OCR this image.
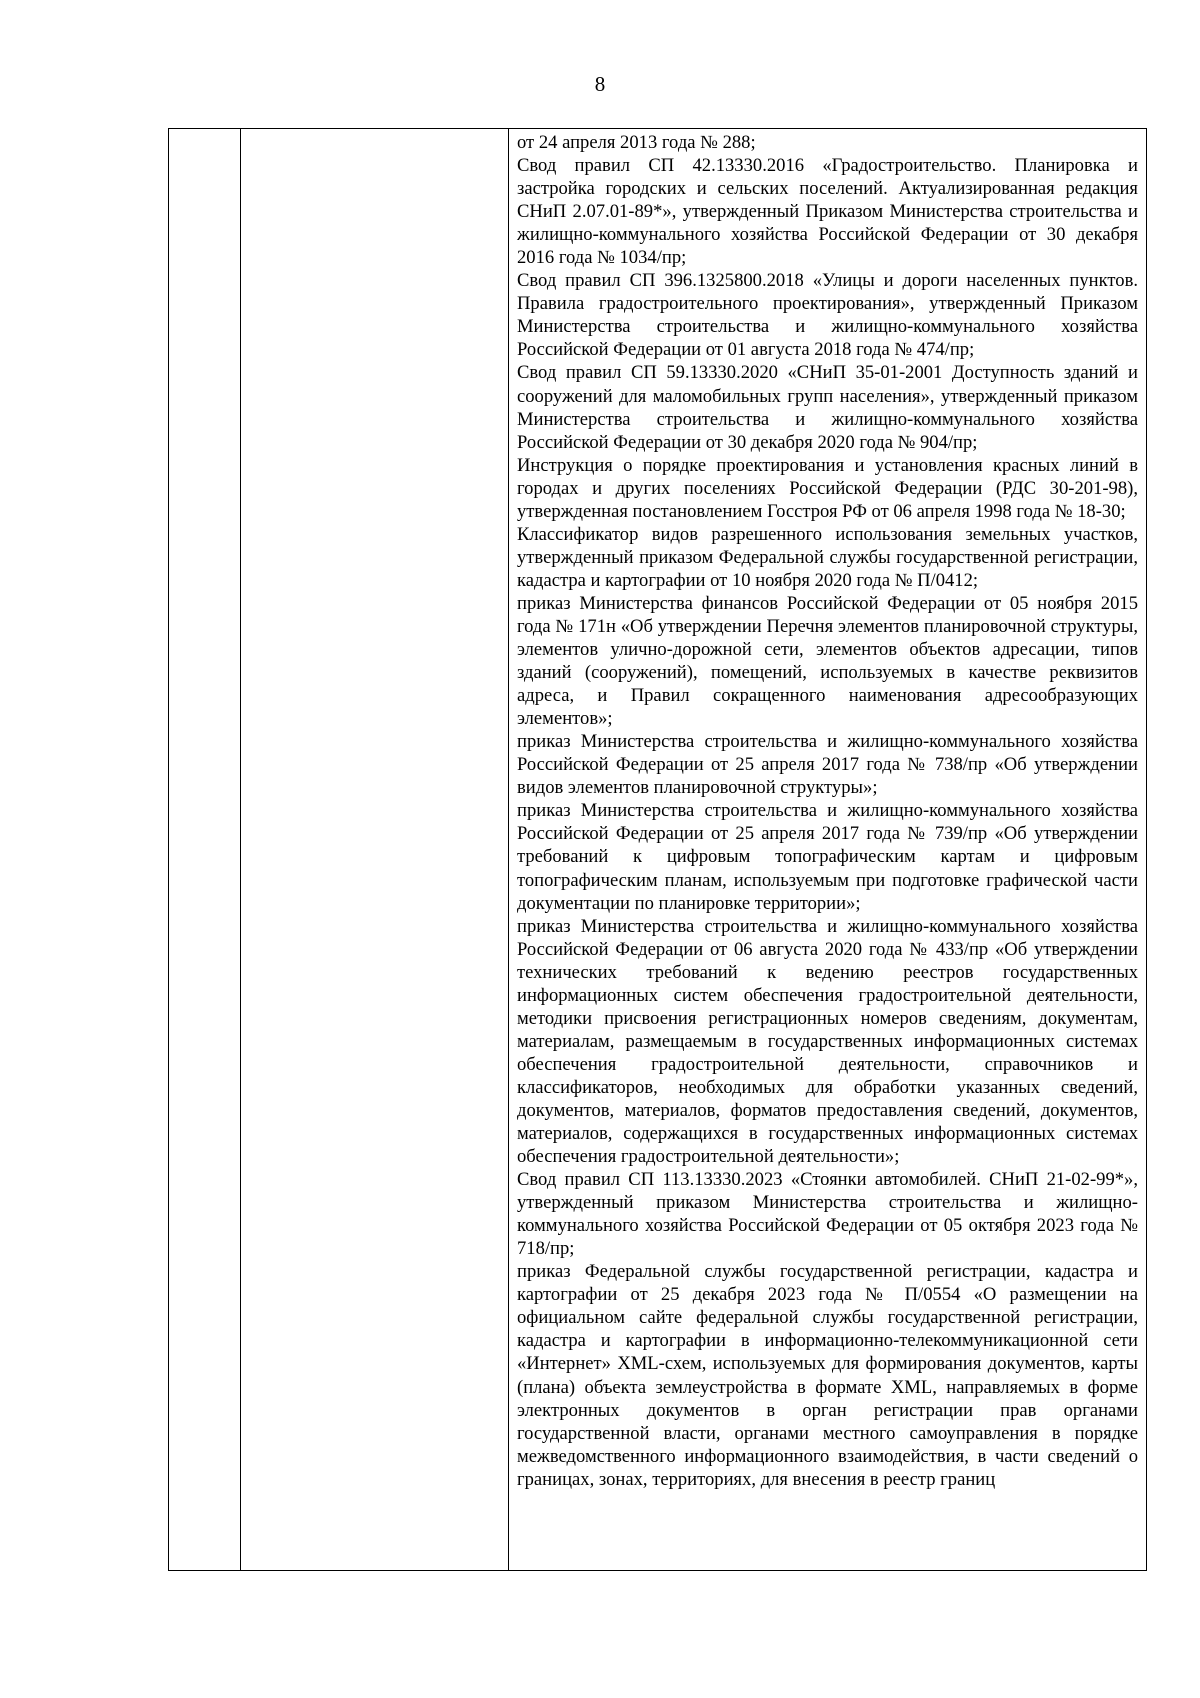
8

от 24 апреля 2013 года № 288;

Свод правил СП 42.13330.2016 «Градостроительство. Планировка и застройка городских и сельских поселений. Актуализированная редакция СНиП 2.07.01-89*», утвержденный Приказом Министерства строительства и жилищно-коммунального хозяйства Российской Федерации от 30 декабря 2016 года № 1034/пр;

Свод правил СП 396.1325800.2018 «Улицы и дороги населенных пунктов. Правила градостроительного проектирования», утвержденный Приказом Министерства строительства и жилищно-коммунального хозяйства Российской Федерации от 01 августа 2018 года № 474/пр;

Свод правил СП 59.13330.2020 «СНиП 35-01-2001 Доступность зданий и сооружений для маломобильных групп населения», утвержденный приказом Министерства строительства и жилищно-коммунального хозяйства Российской Федерации от 30 декабря 2020 года № 904/пр;

Инструкция о порядке проектирования и установления красных линий в городах и других поселениях Российской Федерации (РДС 30-201-98), утвержденная постановлением Госстроя РФ от 06 апреля 1998 года № 18-30;

Классификатор видов разрешенного использования земельных участков, утвержденный приказом Федеральной службы государственной регистрации, кадастра и картографии от 10 ноября 2020 года № П/0412;

приказ Министерства финансов Российской Федерации от 05 ноября 2015 года № 171н «Об утверждении Перечня элементов планировочной структуры, элементов улично-дорожной сети, элементов объектов адресации, типов зданий (сооружений), помещений, используемых в качестве реквизитов адреса, и Правил сокращенного наименования адресообразующих элементов»;

приказ Министерства строительства и жилищно-коммунального хозяйства Российской Федерации от 25 апреля 2017 года № 738/пр «Об утверждении видов элементов планировочной структуры»;

приказ Министерства строительства и жилищно-коммунального хозяйства Российской Федерации от 25 апреля 2017 года № 739/пр «Об утверждении требований к цифровым топографическим картам и цифровым топографическим планам, используемым при подготовке графической части документации по планировке территории»;

приказ Министерства строительства и жилищно-коммунального хозяйства Российской Федерации от 06 августа 2020 года № 433/пр «Об утверждении технических требований к ведению реестров государственных информационных систем обеспечения градостроительной деятельности, методики присвоения регистрационных номеров сведениям, документам, материалам, размещаемым в государственных информационных системах обеспечения градостроительной деятельности, справочников и классификаторов, необходимых для обработки указанных сведений, документов, материалов, форматов предоставления сведений, документов, материалов, содержащихся в государственных информационных системах обеспечения градостроительной деятельности»;

Свод правил СП 113.13330.2023 «Стоянки автомобилей. СНиП 21-02-99*», утвержденный приказом Министерства строительства и жилищно-коммунального хозяйства Российской Федерации от 05 октября 2023 года № 718/пр;

приказ Федеральной службы государственной регистрации, кадастра и картографии от 25 декабря 2023 года № П/0554 «О размещении на официальном сайте федеральной службы государственной регистрации, кадастра и картографии в информационно-телекоммуникационной сети «Интернет» XML-схем, используемых для формирования документов, карты (плана) объекта землеустройства в формате XML, направляемых в форме электронных документов в орган регистрации прав органами государственной власти, органами местного самоуправления в порядке межведомственного информационного взаимодействия, в части сведений о границах, зонах, территориях, для внесения в реестр границ
